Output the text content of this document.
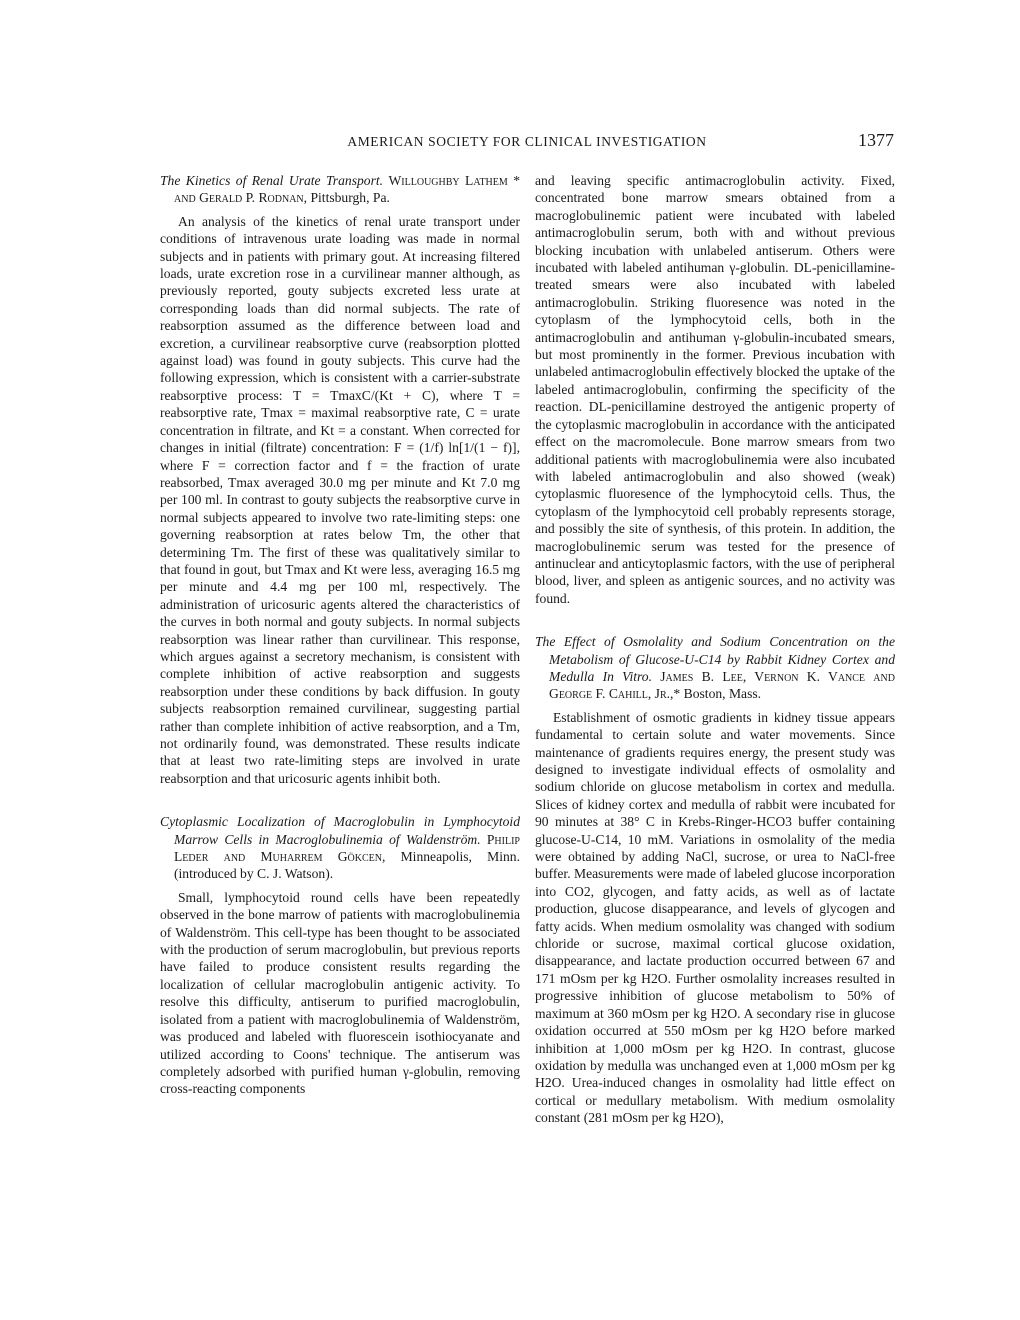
AMERICAN SOCIETY FOR CLINICAL INVESTIGATION	1377

The Kinetics of Renal Urate Transport. Willoughby Lathem * and Gerald P. Rodnan, Pittsburgh, Pa.

An analysis of the kinetics of renal urate transport under conditions of intravenous urate loading was made in normal subjects and in patients with primary gout. At increasing filtered loads, urate excretion rose in a curvilinear manner although, as previously reported, gouty subjects excreted less urate at corresponding loads than did normal subjects. The rate of reabsorption assumed as the difference between load and excretion, a curvilinear reabsorptive curve (reabsorption plotted against load) was found in gouty subjects. This curve had the following expression, which is consistent with a carrier-substrate reabsorptive process: T = TmaxC/(Kt + C), where T = reabsorptive rate, Tmax = maximal reabsorptive rate, C = urate concentration in filtrate, and Kt = a constant. When corrected for changes in initial (filtrate) concentration: F = (1/f) ln[1/(1 − f)], where F = correction factor and f = the fraction of urate reabsorbed, Tmax averaged 30.0 mg per minute and Kt 7.0 mg per 100 ml. In contrast to gouty subjects the reabsorptive curve in normal subjects appeared to involve two rate-limiting steps: one governing reabsorption at rates below Tm, the other that determining Tm. The first of these was qualitatively similar to that found in gout, but Tmax and Kt were less, averaging 16.5 mg per minute and 4.4 mg per 100 ml, respectively. The administration of uricosuric agents altered the characteristics of the curves in both normal and gouty subjects. In normal subjects reabsorption was linear rather than curvilinear. This response, which argues against a secretory mechanism, is consistent with complete inhibition of active reabsorption and suggests reabsorption under these conditions by back diffusion. In gouty subjects reabsorption remained curvilinear, suggesting partial rather than complete inhibition of active reabsorption, and a Tm, not ordinarily found, was demonstrated. These results indicate that at least two rate-limiting steps are involved in urate reabsorption and that uricosuric agents inhibit both.

Cytoplasmic Localization of Macroglobulin in Lymphocytoid Marrow Cells in Macroglobulinemia of Waldenström. Philip Leder and Muharrem Gökcen, Minneapolis, Minn. (introduced by C. J. Watson).

Small, lymphocytoid round cells have been repeatedly observed in the bone marrow of patients with macroglobulinemia of Waldenström. This cell-type has been thought to be associated with the production of serum macroglobulin, but previous reports have failed to produce consistent results regarding the localization of cellular macroglobulin antigenic activity. To resolve this difficulty, antiserum to purified macroglobulin, isolated from a patient with macroglobulinemia of Waldenström, was produced and labeled with fluorescein isothiocyanate and utilized according to Coons' technique. The antiserum was completely adsorbed with purified human γ-globulin, removing cross-reacting components

and leaving specific antimacroglobulin activity. Fixed, concentrated bone marrow smears obtained from a macroglobulinemic patient were incubated with labeled antimacroglobulin serum, both with and without previous blocking incubation with unlabeled antiserum. Others were incubated with labeled antihuman γ-globulin. DL-penicillamine-treated smears were also incubated with labeled antimacroglobulin. Striking fluoresence was noted in the cytoplasm of the lymphocytoid cells, both in the antimacroglobulin and antihuman γ-globulin-incubated smears, but most prominently in the former. Previous incubation with unlabeled antimacroglobulin effectively blocked the uptake of the labeled antimacroglobulin, confirming the specificity of the reaction. DL-penicillamine destroyed the antigenic property of the cytoplasmic macroglobulin in accordance with the anticipated effect on the macromolecule. Bone marrow smears from two additional patients with macroglobulinemia were also incubated with labeled antimacroglobulin and also showed (weak) cytoplasmic fluoresence of the lymphocytoid cells. Thus, the cytoplasm of the lymphocytoid cell probably represents storage, and possibly the site of synthesis, of this protein. In addition, the macroglobulinemic serum was tested for the presence of antinuclear and anticytoplasmic factors, with the use of peripheral blood, liver, and spleen as antigenic sources, and no activity was found.

The Effect of Osmolality and Sodium Concentration on the Metabolism of Glucose-U-C14 by Rabbit Kidney Cortex and Medulla In Vitro. James B. Lee, Vernon K. Vance and George F. Cahill, Jr.,* Boston, Mass.

Establishment of osmotic gradients in kidney tissue appears fundamental to certain solute and water movements. Since maintenance of gradients requires energy, the present study was designed to investigate individual effects of osmolality and sodium chloride on glucose metabolism in cortex and medulla. Slices of kidney cortex and medulla of rabbit were incubated for 90 minutes at 38° C in Krebs-Ringer-HCO3 buffer containing glucose-U-C14, 10 mM. Variations in osmolality of the media were obtained by adding NaCl, sucrose, or urea to NaCl-free buffer. Measurements were made of labeled glucose incorporation into CO2, glycogen, and fatty acids, as well as of lactate production, glucose disappearance, and levels of glycogen and fatty acids. When medium osmolality was changed with sodium chloride or sucrose, maximal cortical glucose oxidation, disappearance, and lactate production occurred between 67 and 171 mOsm per kg H2O. Further osmolality increases resulted in progressive inhibition of glucose metabolism to 50% of maximum at 360 mOsm per kg H2O. A secondary rise in glucose oxidation occurred at 550 mOsm per kg H2O before marked inhibition at 1,000 mOsm per kg H2O. In contrast, glucose oxidation by medulla was unchanged even at 1,000 mOsm per kg H2O. Urea-induced changes in osmolality had little effect on cortical or medullary metabolism. With medium osmolality constant (281 mOsm per kg H2O),
